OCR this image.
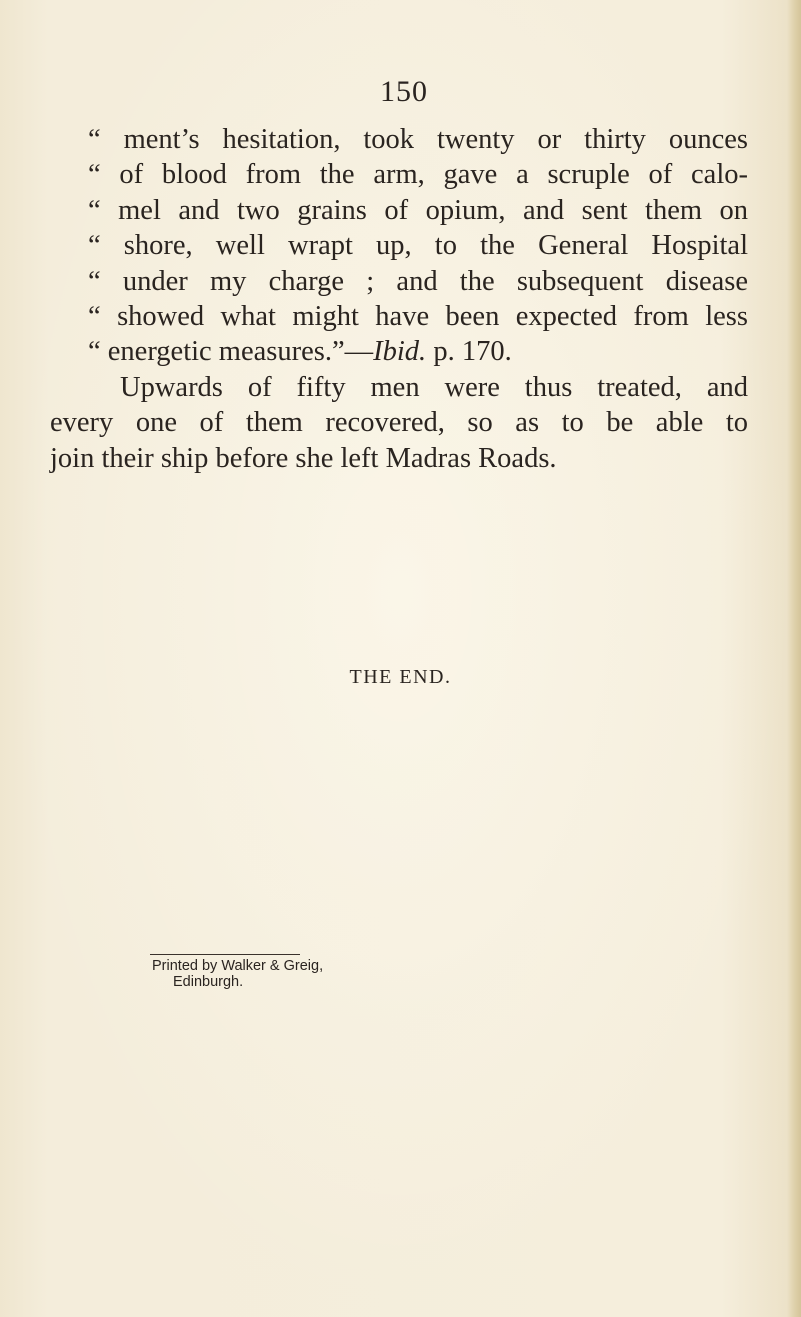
150
“ ment’s hesitation, took twenty or thirty ounces
“ of blood from the arm, gave a scruple of calo-
“ mel and two grains of opium, and sent them on
“ shore, well wrapt up, to the General Hospital
“ under my charge ; and the subsequent disease
“ showed what might have been expected from less
“ energetic measures.”—Ibid. p. 170.
Upwards of fifty men were thus treated, and
every one of them recovered, so as to be able to
join their ship before she left Madras Roads.
THE END.
Printed by Walker & Greig,
Edinburgh.
